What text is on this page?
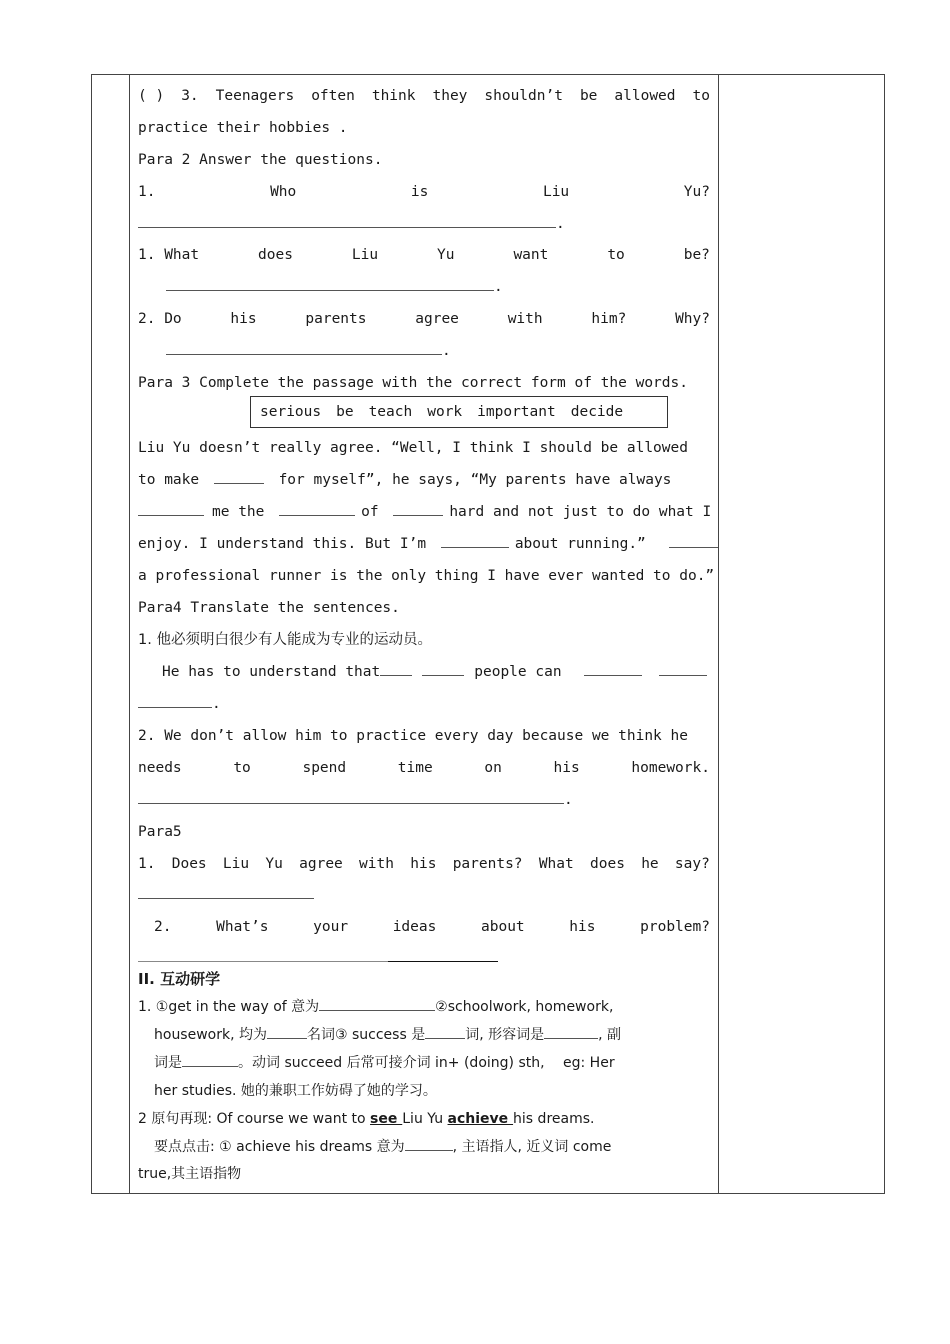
( ) 3. Teenagers often think they shouldn’t be allowed to
practice their hobbies .
Para 2 Answer the questions.
1.	Who	is	Liu	Yu?
.
1. What	does	Liu	Yu	want	to	be?
.
2. Do	his	parents	agree	with	him?	Why?
.
Para 3 Complete the passage with the correct form of the words.
serious be teach work important decide
Liu Yu doesn’t really agree. “Well, I think I should be allowed
to make	for myself”, he says, “My parents have always
me the	of	hard and not just to do what I
enjoy. I understand this. But I’m	about running.”
a professional runner is the only thing I have ever wanted to do.”
Para4 Translate the sentences.
1. 他必须明白很少有人能成为专业的运动员。
He has to understand that	people can
.
2. We don’t allow him to practice every day because we think he
needs	to	spend	time	on	his	homework.
.
Para5
1. Does Liu Yu agree with his parents? What does he say?
2.	What’s	your	ideas	about	his	problem?
II. 互动研学
1. ①get in the way of 意为	②schoolwork, homework,
housework, 均为	名词③ success 是	词, 形容词是	, 副
词是	。动词 succeed 后常可接介词 in+ (doing) sth, eg: Her
her studies. 她的兼职工作妨碍了她的学习。
2 原句再现: Of course we want to see Liu Yu achieve his dreams.
要点点击: ① achieve his dreams 意为	, 主语指人, 近义词 come
true,其主语指物
